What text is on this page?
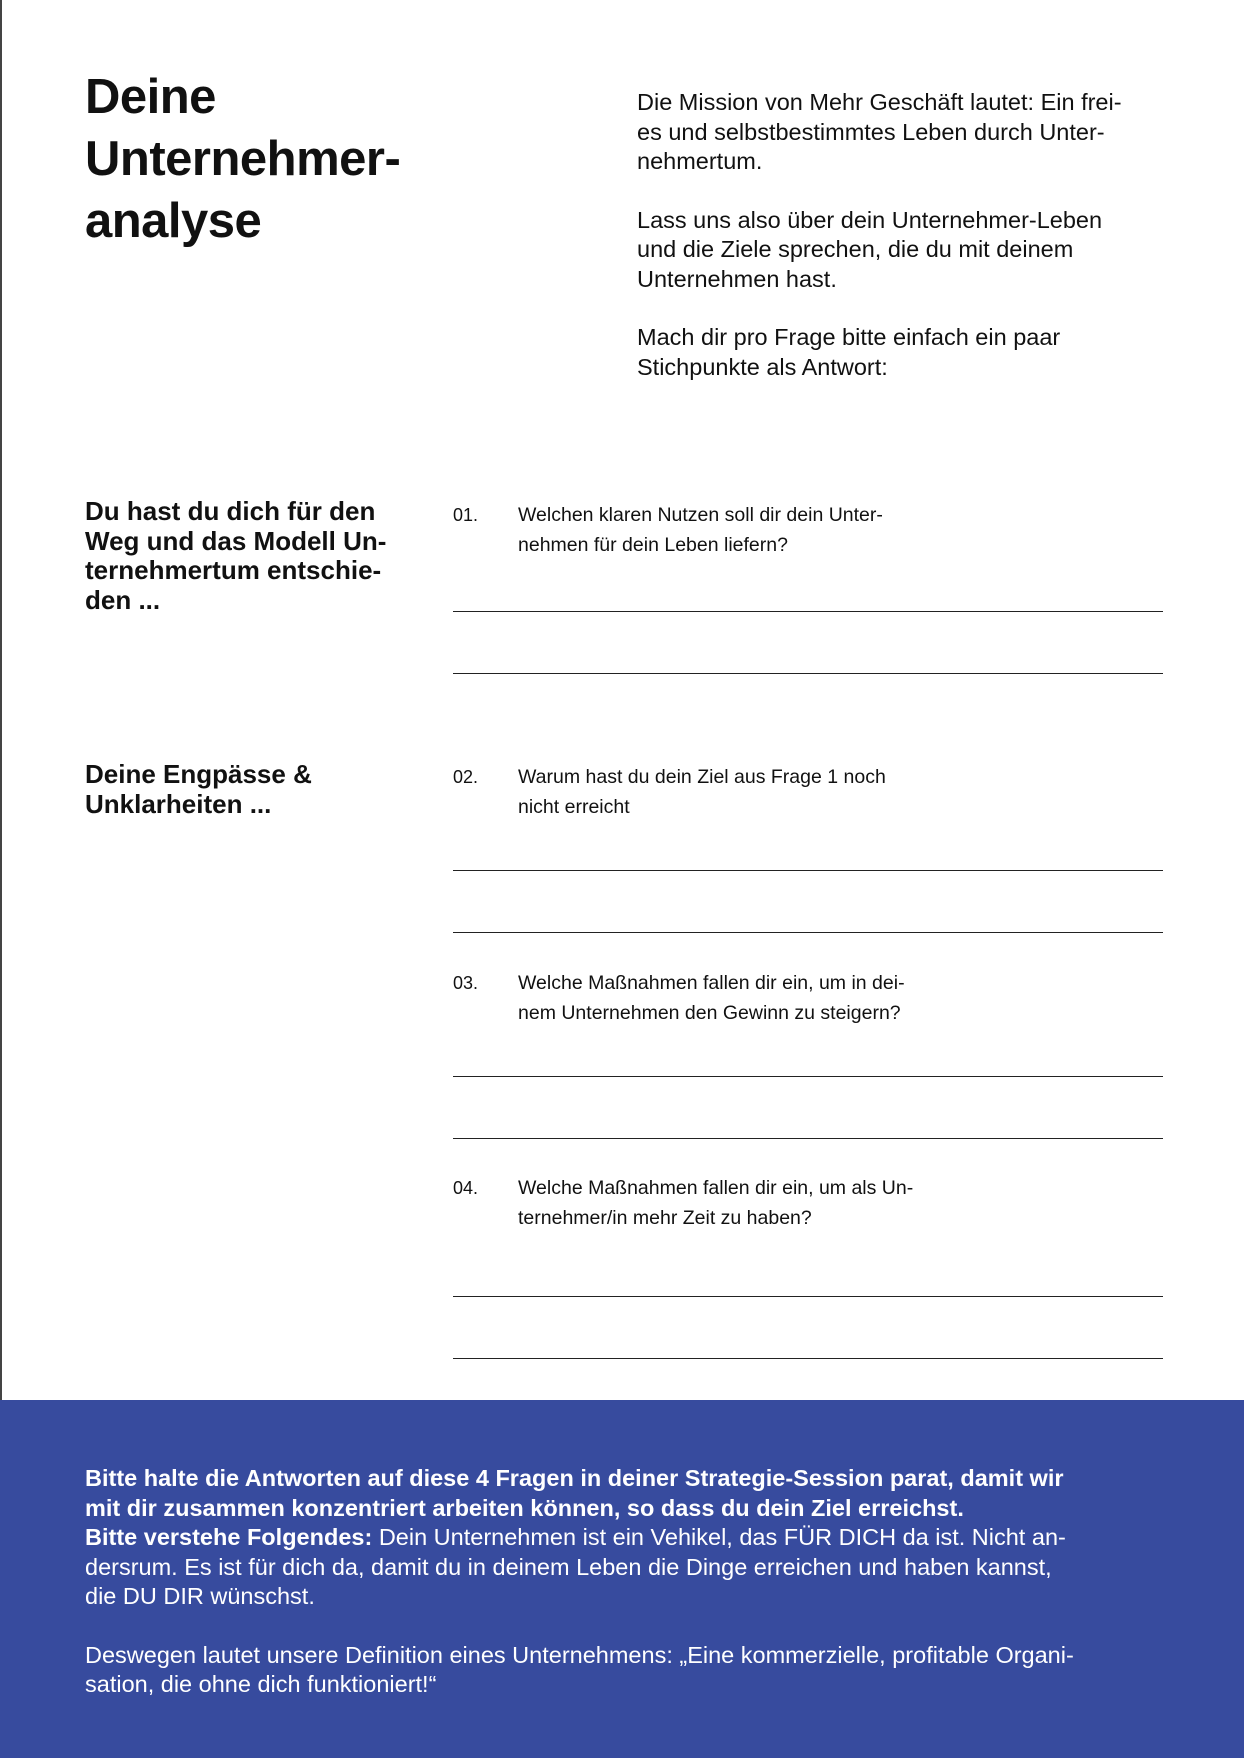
Deine
Unternehmer-
analyse

Die Mission von Mehr Geschäft lautet: Ein frei-
es und selbstbestimmtes Leben durch Unter-
nehmertum.

Lass uns also über dein Unternehmer-Leben
und die Ziele sprechen, die du mit deinem
Unternehmen hast.

Mach dir pro Frage bitte einfach ein paar
Stichpunkte als Antwort:

Du hast du dich für den
Weg und das Modell Un-
ternehmertum entschie-
den ...
01. Welchen klaren Nutzen soll dir dein Unter-
nehmen für dein Leben liefern?
Deine Engpässe &
Unklarheiten ...
02. Warum hast du dein Ziel aus Frage 1 noch
nicht erreicht
03. Welche Maßnahmen fallen dir ein, um in dei-
nem Unternehmen den Gewinn zu steigern?
04. Welche Maßnahmen fallen dir ein, um als Un-
ternehmer/in mehr Zeit zu haben?

Bitte halte die Antworten auf diese 4 Fragen in deiner Strategie-Session parat, damit wir
mit dir zusammen konzentriert arbeiten können, so dass du dein Ziel erreichst.

Bitte verstehe Folgendes: Dein Unternehmen ist ein Vehikel, das FÜR DICH da ist. Nicht an-
dersrum. Es ist für dich da, damit du in deinem Leben die Dinge erreichen und haben kannst,
die DU DIR wünschst.

Deswegen lautet unsere Definition eines Unternehmens: „Eine kommerzielle, profitable Organi-
sation, die ohne dich funktioniert!“
